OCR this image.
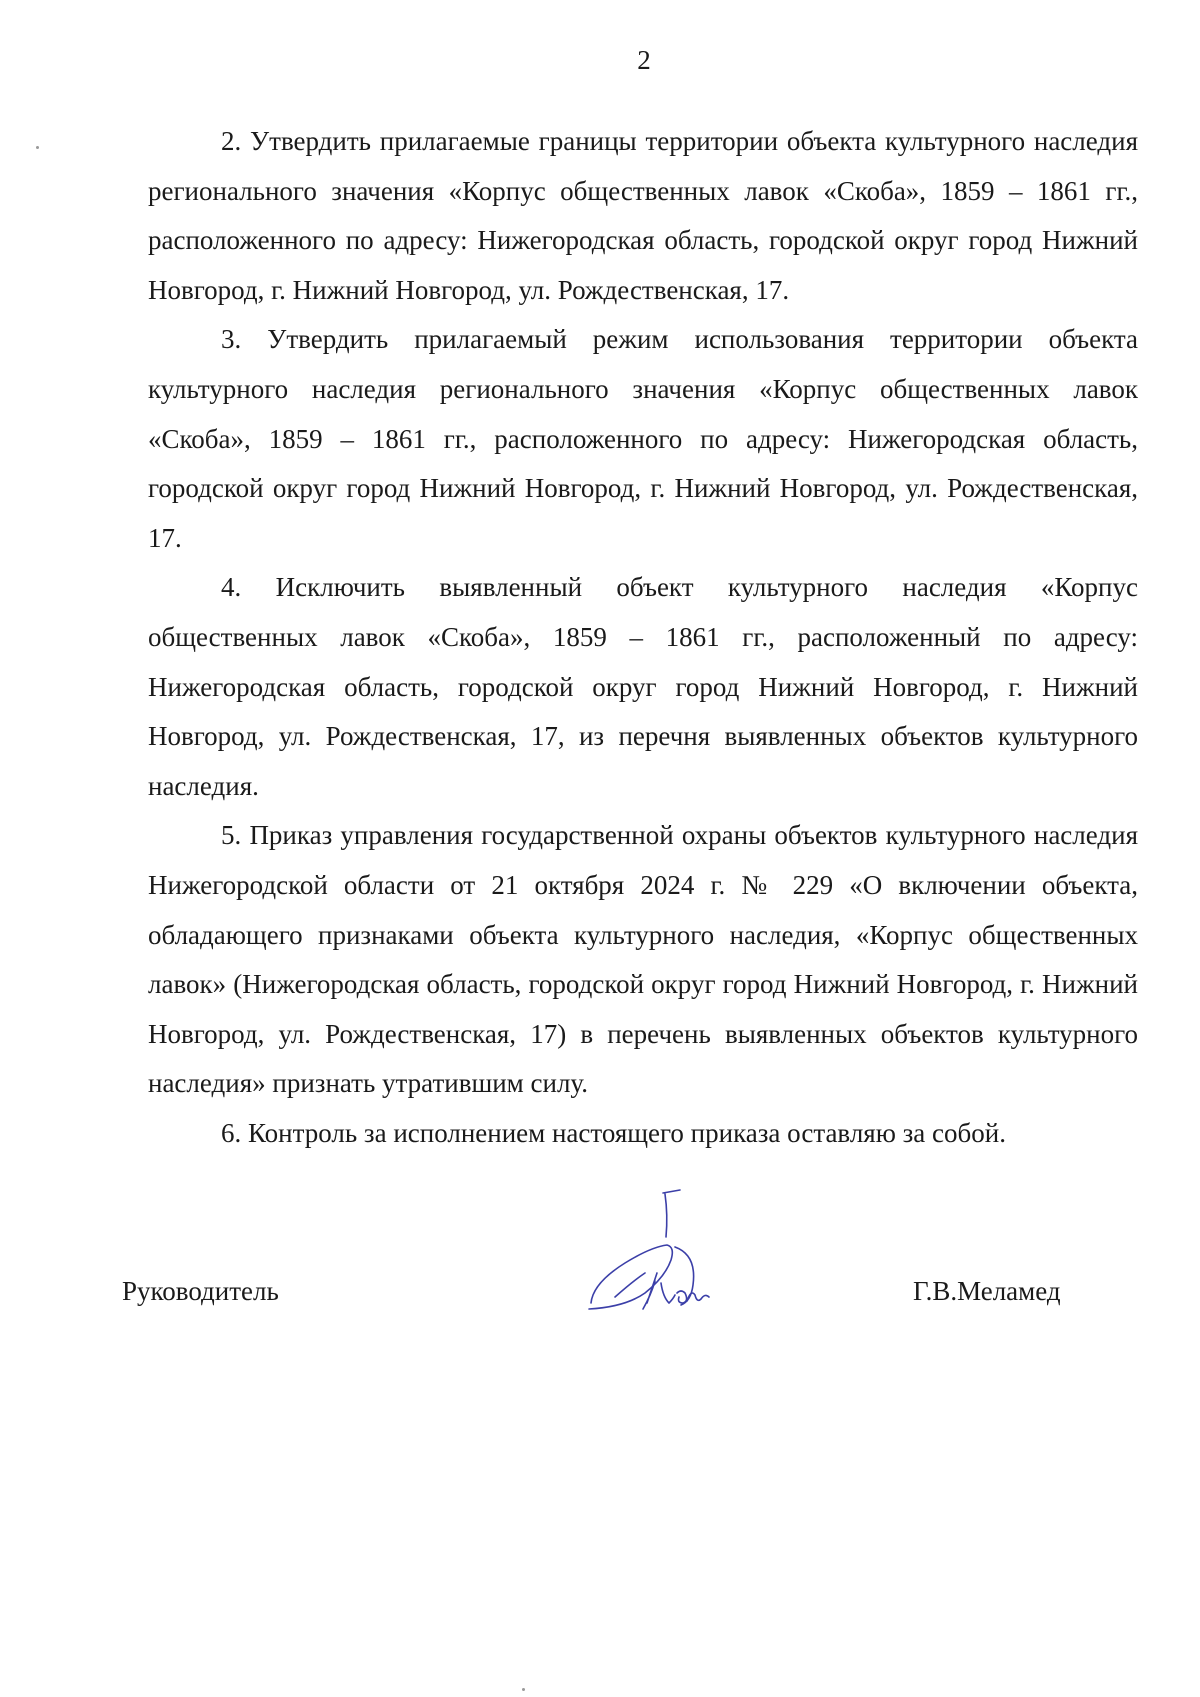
2

2. Утвердить прилагаемые границы территории объекта культурного наследия регионального значения «Корпус общественных лавок «Скоба», 1859 – 1861 гг., расположенного по адресу: Нижегородская область, городской округ город Нижний Новгород, г. Нижний Новгород, ул. Рождественская, 17.

3. Утвердить прилагаемый режим использования территории объекта культурного наследия регионального значения «Корпус общественных лавок «Скоба», 1859 – 1861 гг., расположенного по адресу: Нижегородская область, городской округ город Нижний Новгород, г. Нижний Новгород, ул. Рождественская, 17.

4. Исключить выявленный объект культурного наследия «Корпус общественных лавок «Скоба», 1859 – 1861 гг., расположенный по адресу: Нижегородская область, городской округ город Нижний Новгород, г. Нижний Новгород, ул. Рождественская, 17, из перечня выявленных объектов культурного наследия.

5. Приказ управления государственной охраны объектов культурного наследия Нижегородской области от 21 октября 2024 г. № 229 «О включении объекта, обладающего признаками объекта культурного наследия, «Корпус общественных лавок» (Нижегородская область, городской округ город Нижний Новгород, г. Нижний Новгород, ул. Рождественская, 17) в перечень выявленных объектов культурного наследия» признать утратившим силу.

6. Контроль за исполнением настоящего приказа оставляю за собой.

Руководитель	Г.В.Меламед
